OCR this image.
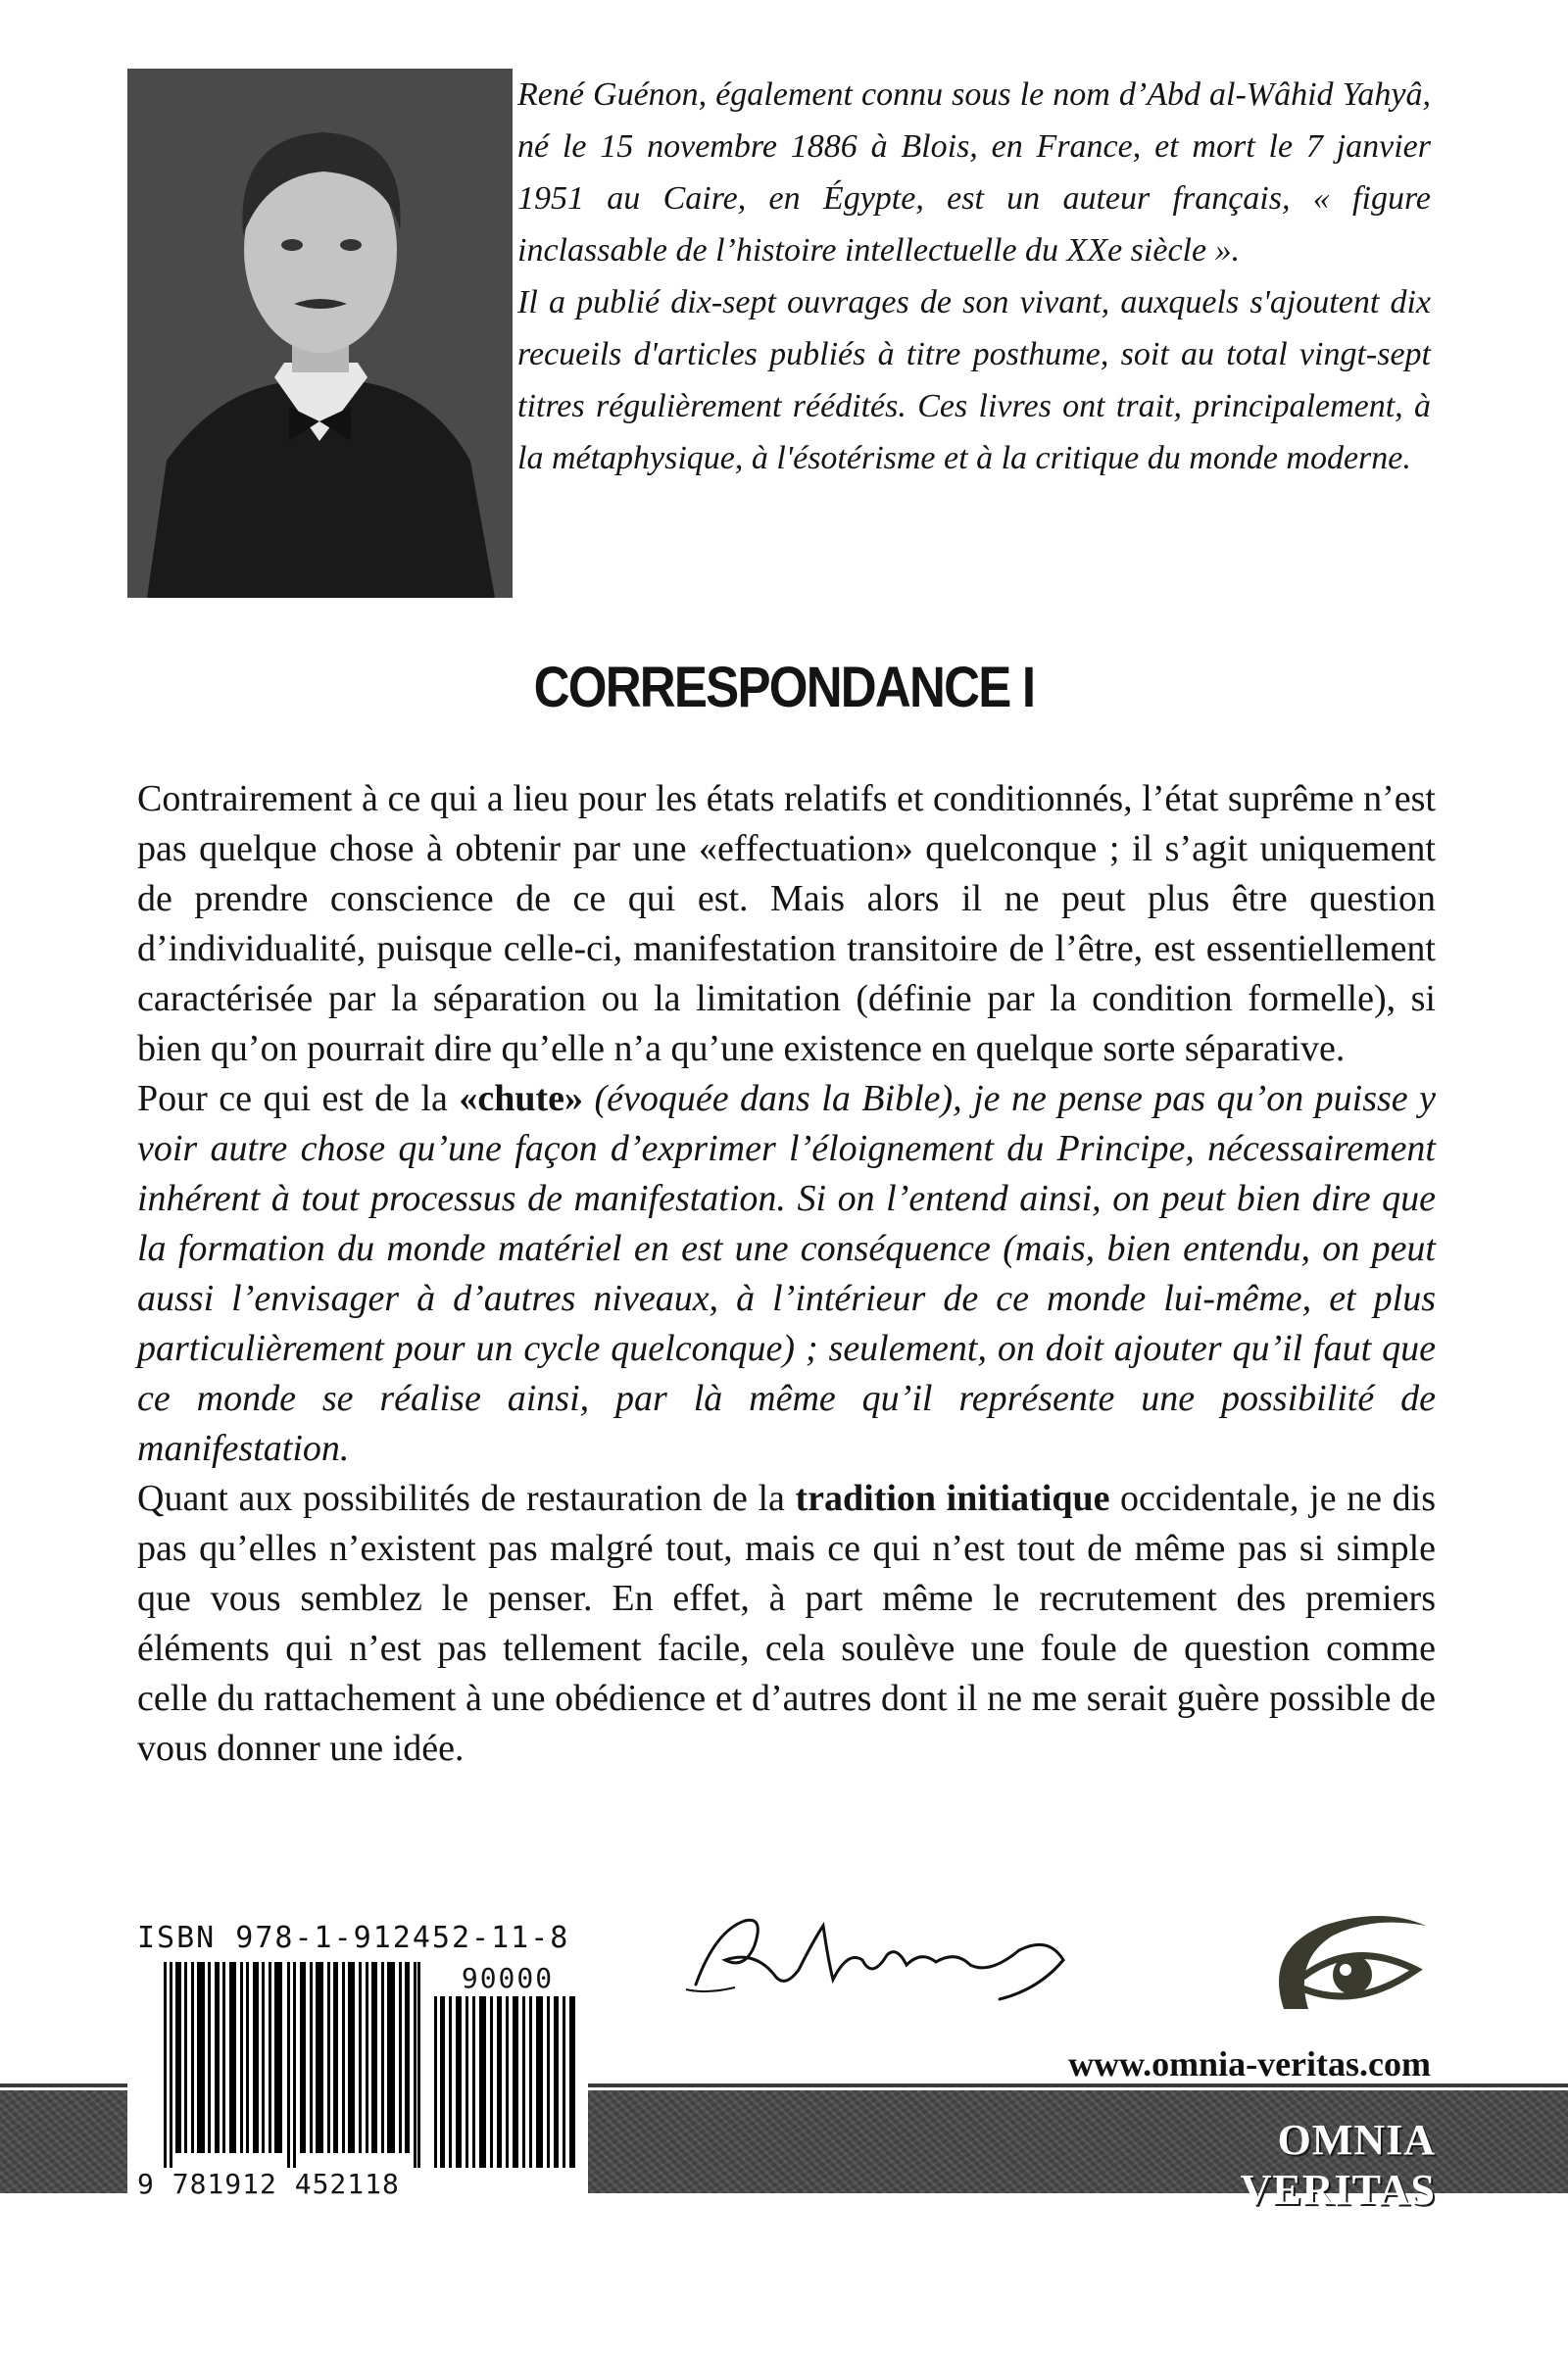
René Guénon, également connu sous le nom d’Abd al-Wâhid Yahyâ, né le 15 novembre 1886 à Blois, en France, et mort le 7 janvier 1951 au Caire, en Égypte, est un auteur français, « figure inclassable de l’histoire intellectuelle du XXe siècle ».

Il a publié dix-sept ouvrages de son vivant, auxquels s'ajoutent dix recueils d'articles publiés à titre posthume, soit au total vingt-sept titres régulièrement réédités. Ces livres ont trait, principalement, à la métaphysique, à l'ésotérisme et à la critique du monde moderne.

CORRESPONDANCE I

Contrairement à ce qui a lieu pour les états relatifs et conditionnés, l’état suprême n’est pas quelque chose à obtenir par une «effectuation» quelconque ; il s’agit uniquement de prendre conscience de ce qui est. Mais alors il ne peut plus être question d’individualité, puisque celle-ci, manifestation transitoire de l’être, est essentiellement caractérisée par la séparation ou la limitation (définie par la condition formelle), si bien qu’on pourrait dire qu’elle n’a qu’une existence en quelque sorte séparative.

Pour ce qui est de la «chute» (évoquée dans la Bible), je ne pense pas qu’on puisse y voir autre chose qu’une façon d’exprimer l’éloignement du Principe, nécessairement inhérent à tout processus de manifestation. Si on l’entend ainsi, on peut bien dire que la formation du monde matériel en est une conséquence (mais, bien entendu, on peut aussi l’envisager à d’autres niveaux, à l’intérieur de ce monde lui-même, et plus particulièrement pour un cycle quelconque) ; seulement, on doit ajouter qu’il faut que ce monde se réalise ainsi, par là même qu’il représente une possibilité de manifestation.

Quant aux possibilités de restauration de la tradition initiatique occidentale, je ne dis pas qu’elles n’existent pas malgré tout, mais ce qui n’est tout de même pas si simple que vous semblez le penser. En effet, à part même le recrutement des premiers éléments qui n’est pas tellement facile, cela soulève une foule de question comme celle du rattachement à une obédience et d’autres dont il ne me serait guère possible de vous donner une idée.

www.omnia-veritas.com
OMNIA VERITAS
ISBN 978-1-912452-11-8
90000
9 781912 452118
